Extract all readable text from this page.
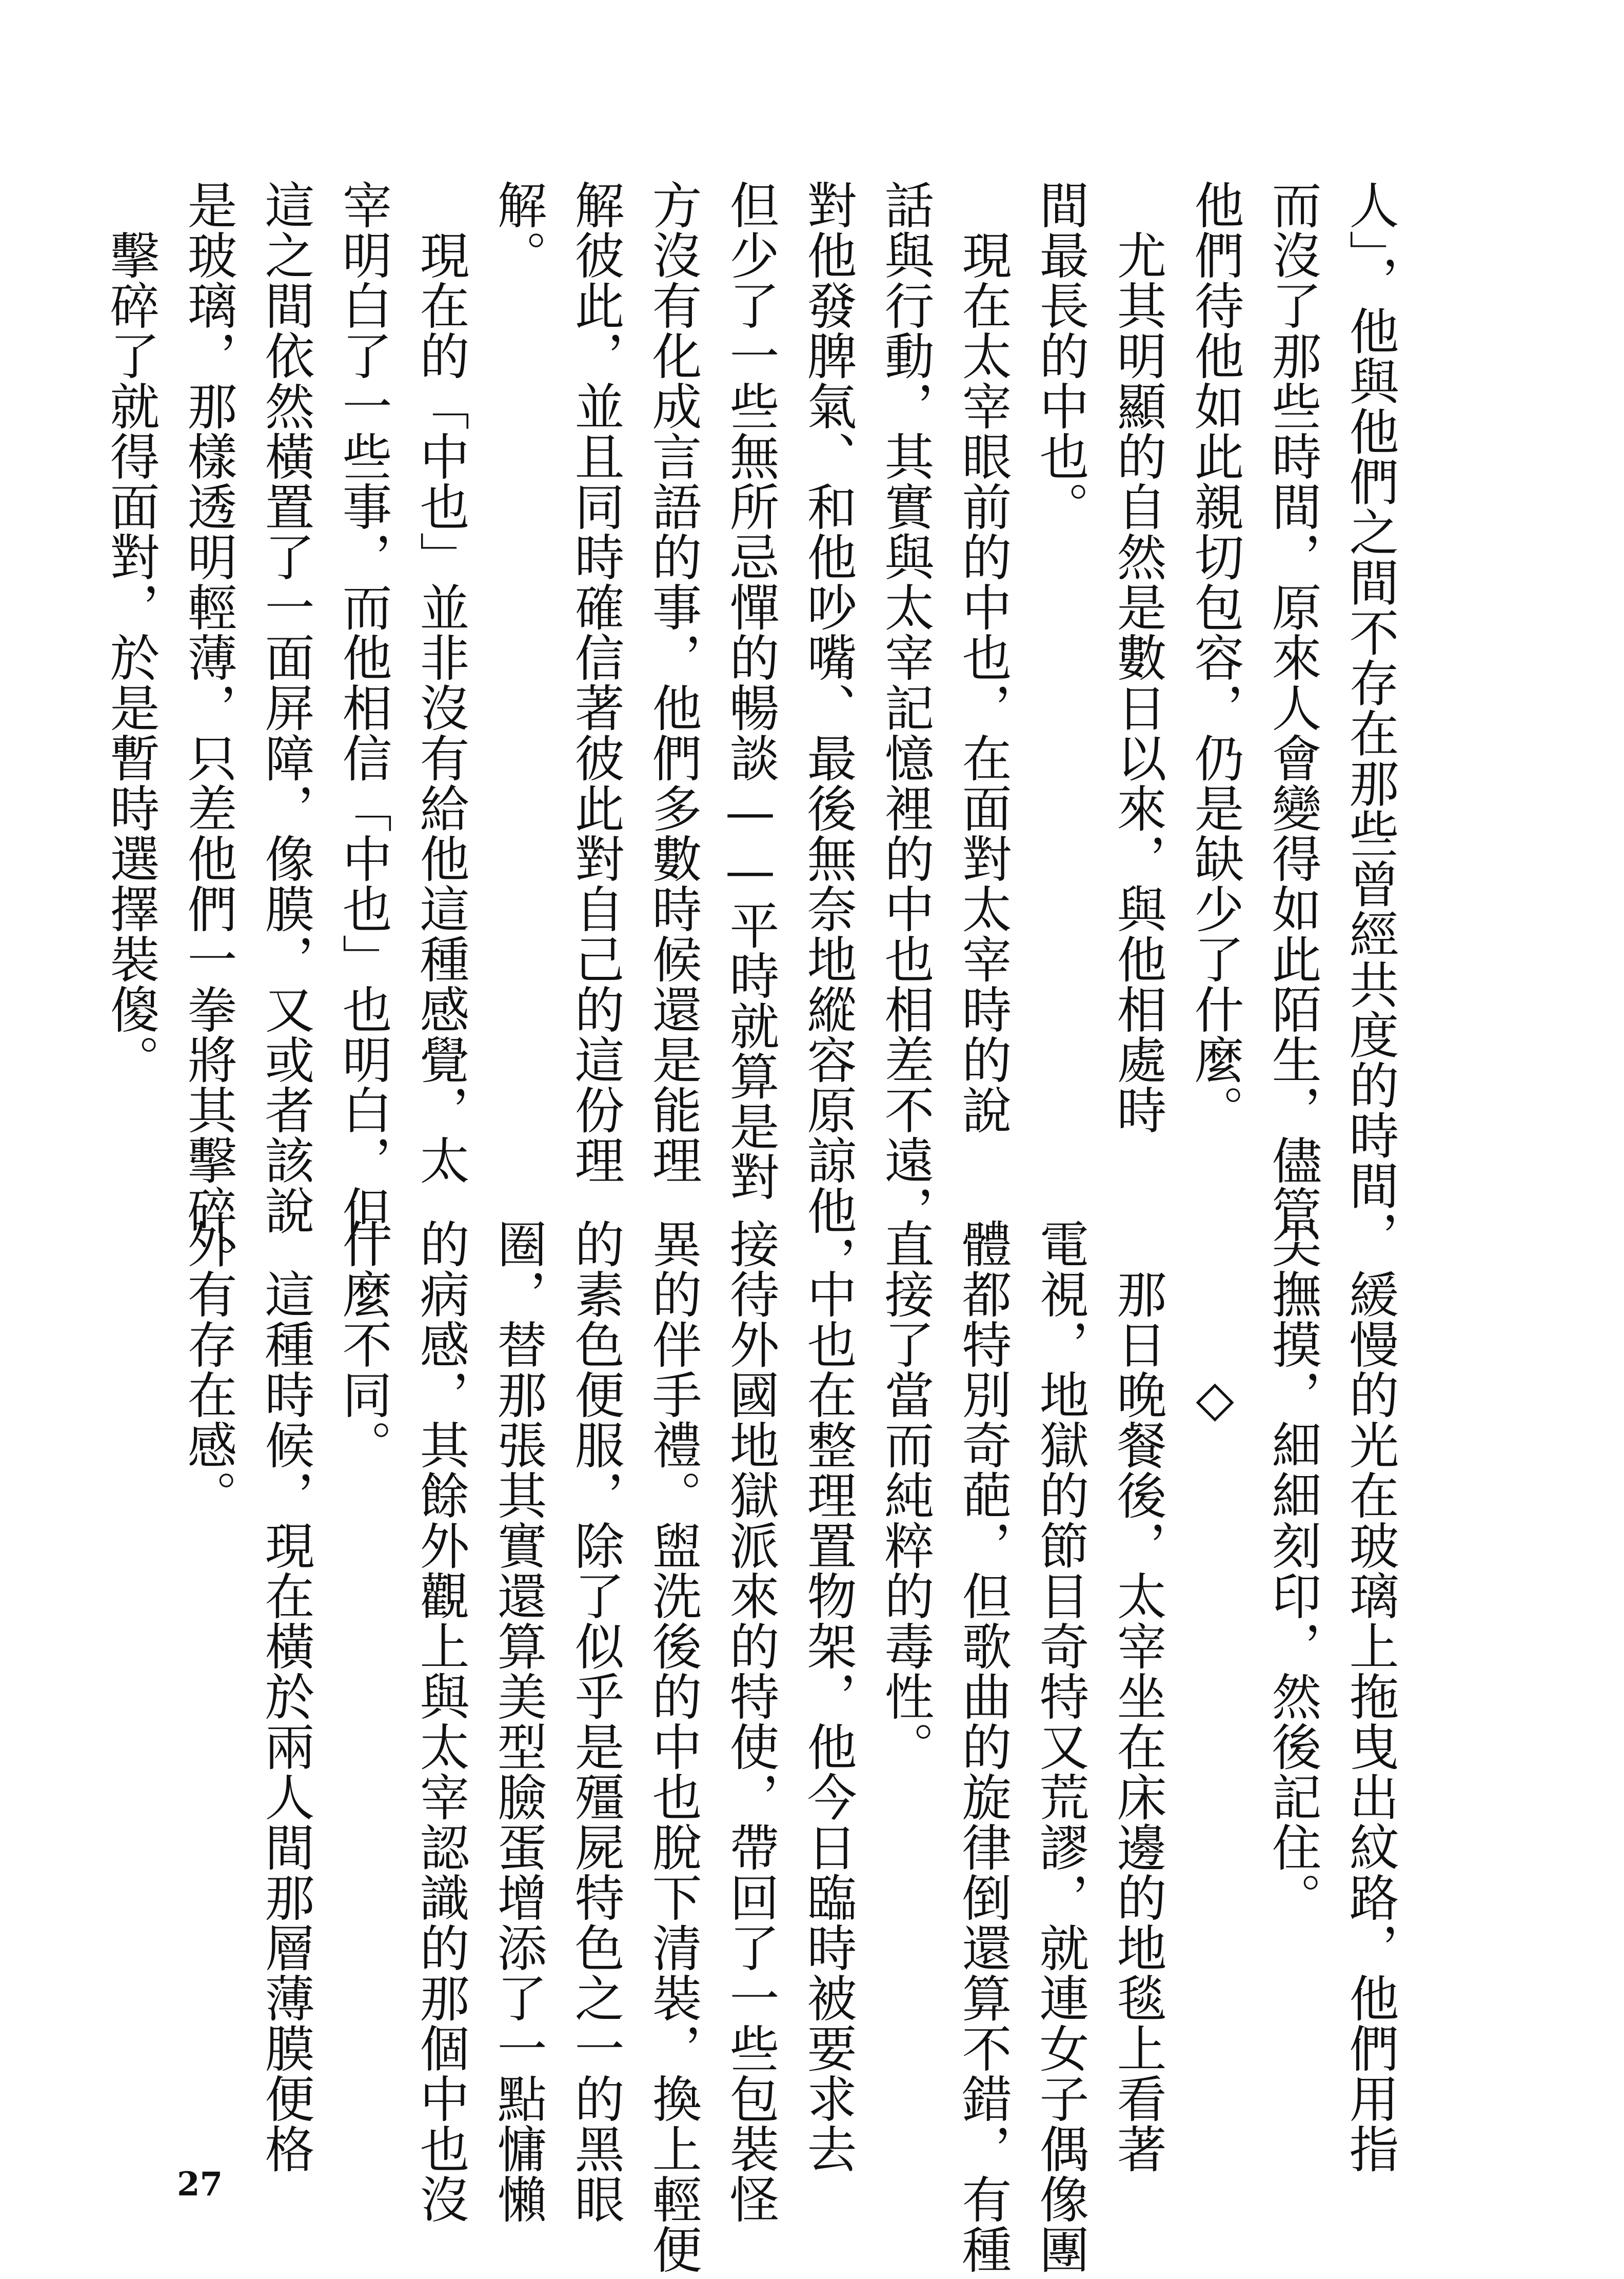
人」，他與他們之間不存在那些曾經共度的時間，

而沒了那些時間，原來人會變得如此陌生，儘管

他們待他如此親切包容，仍是缺少了什麼。

　尤其明顯的自然是數日以來，與他相處時

間最長的中也。

　現在太宰眼前的中也，在面對太宰時的說

話與行動，其實與太宰記憶裡的中也相差不遠，

對他發脾氣、和他吵嘴、最後無奈地縱容原諒他，

但少了一些無所忌憚的暢談——平時就算是對

方沒有化成言語的事，他們多數時候還是能理

解彼此，並且同時確信著彼此對自己的這份理

解。

　現在的「中也」並非沒有給他這種感覺，太

宰明白了一些事，而他相信「中也」也明白，但

這之間依然橫置了一面屏障，像膜，又或者該說

是玻璃，那樣透明輕薄，只差他們一拳將其擊碎。

　擊碎了就得面對，於是暫時選擇裝傻。

　緩慢的光在玻璃上拖曳出紋路，他們用指

尖撫摸，細細刻印，然後記住。

　　　◇

　那日晚餐後，太宰坐在床邊的地毯上看著

電視，地獄的節目奇特又荒謬，就連女子偶像團

體都特別奇葩，但歌曲的旋律倒還算不錯，有種

直接了當而純粹的毒性。

　中也在整理置物架，他今日臨時被要求去

接待外國地獄派來的特使，帶回了一些包裝怪

異的伴手禮。盥洗後的中也脫下清裝，換上輕便

的素色便服，除了似乎是殭屍特色之一的黑眼

圈，替那張其實還算美型臉蛋增添了一點慵懶

的病感，其餘外觀上與太宰認識的那個中也沒

什麼不同。

　這種時候，現在橫於兩人間那層薄膜便格

外有存在感。

27
